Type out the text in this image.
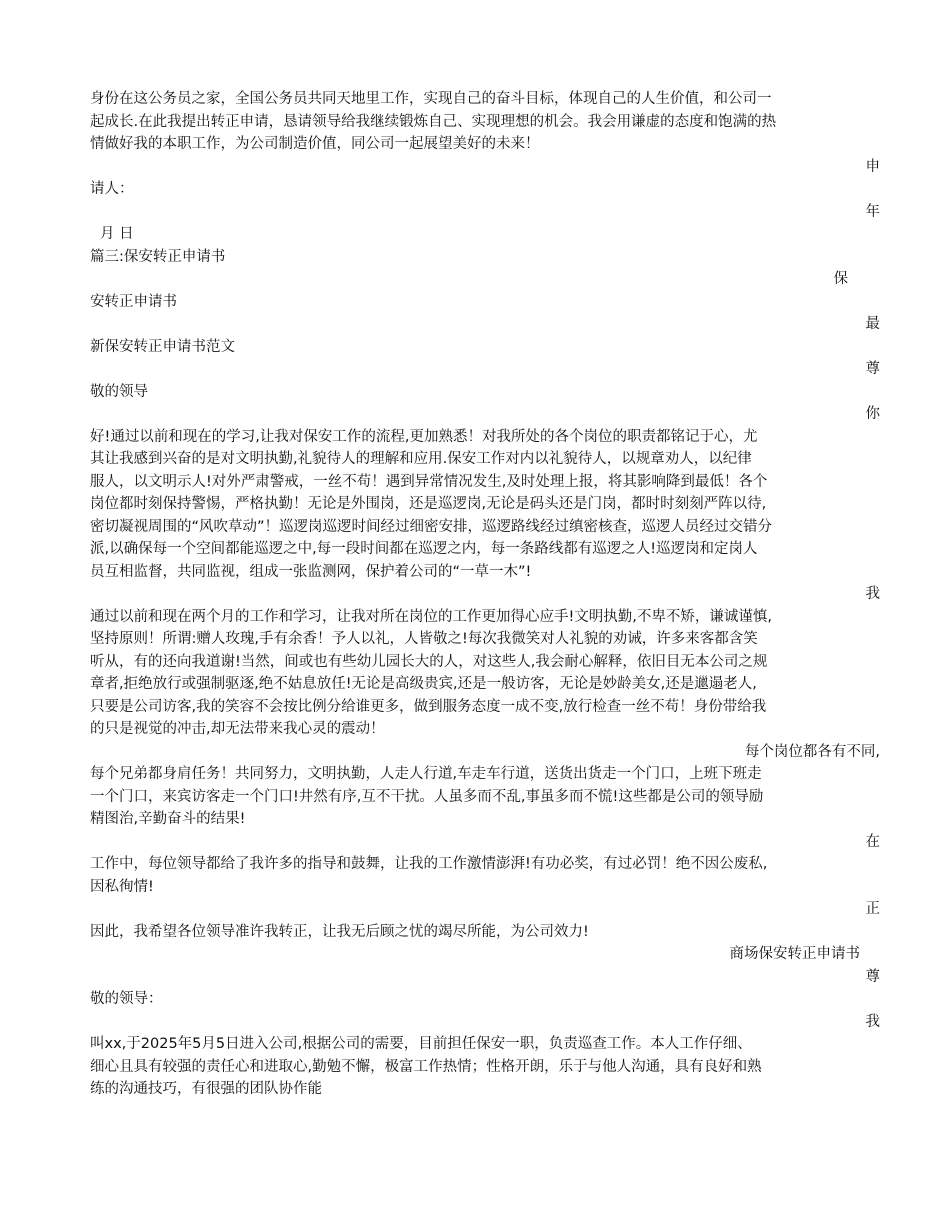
身份在这公务员之家，全国公务员共同天地里工作，实现自己的奋斗目标，体现自己的人生价值，和公司一
起成长.在此我提出转正申请，恳请领导给我继续锻炼自己、实现理想的机会。我会用谦虚的态度和饱满的热
情做好我的本职工作，为公司制造价值，同公司一起展望美好的未来！
申
请人：
年
月 日
篇三:保安转正申请书
保
安转正申请书
最
新保安转正申请书范文
尊
敬的领导
你
好!通过以前和现在的学习,让我对保安工作的流程,更加熟悉！对我所处的各个岗位的职责都铭记于心，尤
其让我感到兴奋的是对文明执勤,礼貌待人的理解和应用.保安工作对内以礼貌待人，以规章劝人，以纪律
服人，以文明示人!对外严肃警戒，一丝不苟！遇到异常情况发生,及时处理上报，将其影响降到最低！各个
岗位都时刻保持警惕，严格执勤！无论是外围岗，还是巡逻岗,无论是码头还是门岗，都时时刻刻严阵以待,
密切凝视周围的“风吹草动”！巡逻岗巡逻时间经过细密安排，巡逻路线经过缜密核查，巡逻人员经过交错分
派,以确保每一个空间都能巡逻之中,每一段时间都在巡逻之内，每一条路线都有巡逻之人!巡逻岗和定岗人
员互相监督，共同监视，组成一张监测网，保护着公司的“一草一木”!
我
通过以前和现在两个月的工作和学习，让我对所在岗位的工作更加得心应手!文明执勤,不卑不矫，谦诚谨慎,
坚持原则！所谓:赠人玫瑰,手有余香！予人以礼，人皆敬之!每次我微笑对人礼貌的劝诫，许多来客都含笑
听从，有的还向我道谢!当然，间或也有些幼儿园长大的人，对这些人,我会耐心解释，依旧目无本公司之规
章者,拒绝放行或强制驱逐,绝不姑息放任!无论是高级贵宾,还是一般访客，无论是妙龄美女,还是邋遢老人,
只要是公司访客,我的笑容不会按比例分给谁更多，做到服务态度一成不变,放行检查一丝不苟！身份带给我
的只是视觉的冲击,却无法带来我心灵的震动！
每个岗位都各有不同,
每个兄弟都身肩任务！共同努力，文明执勤，人走人行道,车走车行道，送货出货走一个门口，上班下班走
一个门口，来宾访客走一个门口!井然有序,互不干扰。人虽多而不乱,事虽多而不慌!这些都是公司的领导励
精图治,辛勤奋斗的结果!
在
工作中，每位领导都给了我许多的指导和鼓舞，让我的工作激情澎湃!有功必奖，有过必罚！绝不因公废私,
因私徇情!
正
因此，我希望各位领导准许我转正，让我无后顾之忧的竭尽所能，为公司效力!
商场保安转正申请书
尊
敬的领导：
我
叫xx,于2025年5月5日进入公司,根据公司的需要，目前担任保安一职，负责巡查工作。本人工作仔细、
细心且具有较强的责任心和进取心,勤勉不懈，极富工作热情；性格开朗，乐于与他人沟通，具有良好和熟
练的沟通技巧，有很强的团队协作能
